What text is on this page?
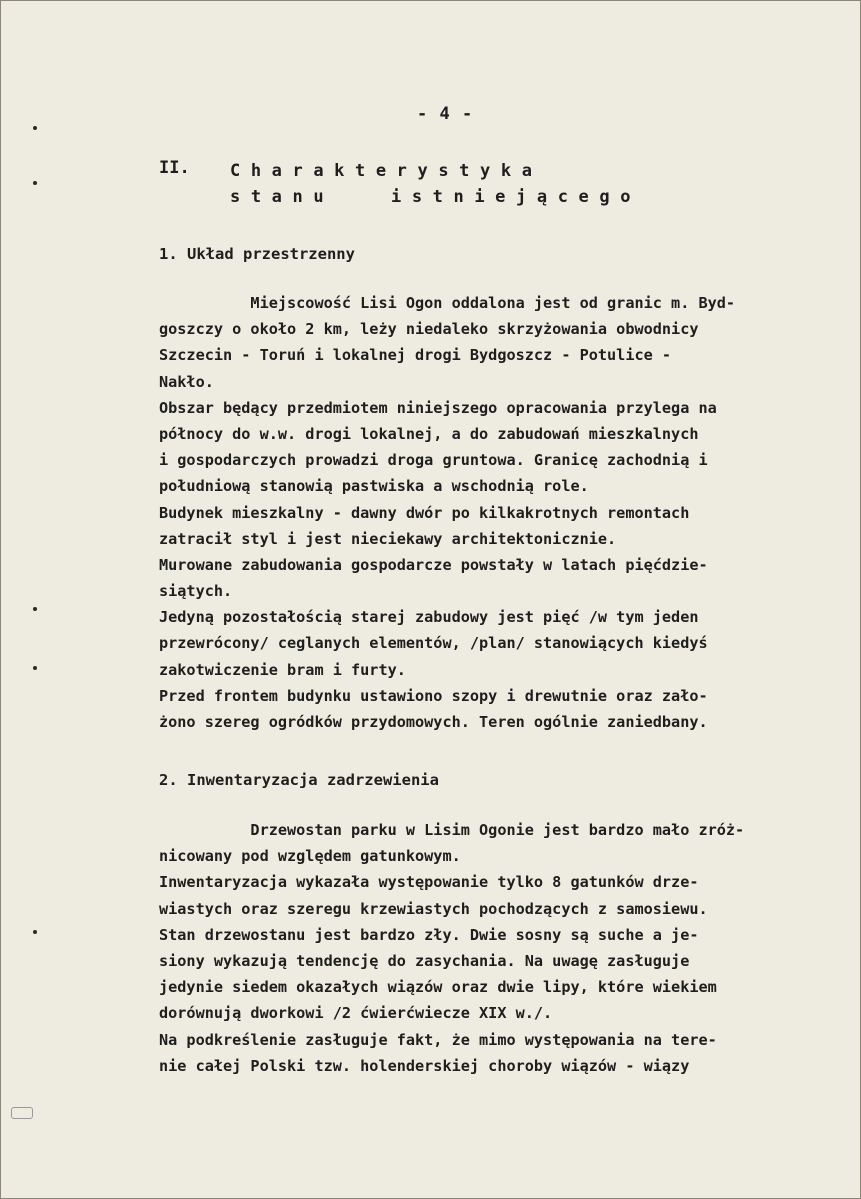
- 4 -
II. Charakterystyka stanu istniejącego
1. Układ przestrzenny
Miejscowość Lisi Ogon oddalona jest od granic m. Byd-
goszczy o około 2 km, leży niedaleko skrzyżowania obwodnicy
Szczecin - Toruń i lokalnej drogi Bydgoszcz - Potulice -
Nakło.
Obszar będący przedmiotem niniejszego opracowania przylega na
północy do w.w. drogi lokalnej, a do zabudowań mieszkalnych
i gospodarczych prowadzi droga gruntowa. Granicę zachodnią i
południową stanowią pastwiska a wschodnią role.
Budynek mieszkalny - dawny dwór po kilkakrotnych remontach
zatracił styl i jest nieciekawy architektonicznie.
Murowane zabudowania gospodarcze powstały w latach pięćdzie-
siątych.
Jedyną pozostałością starej zabudowy jest pięć /w tym jeden
przewrócony/ ceglanych elementów, /plan/ stanowiących kiedyś
zakotwiczenie bram i furty.
Przed frontem budynku ustawiono szopy i drewutnie oraz zało-
żono szereg ogródków przydomowych. Teren ogólnie zaniedbany.
2. Inwentaryzacja zadrzewienia
Drzewostan parku w Lisim Ogonie jest bardzo mało zróż-
nicowany pod względem gatunkowym.
Inwentaryzacja wykazała występowanie tylko 8 gatunków drze-
wiastych oraz szeregu krzewiastych pochodzących z samosiewu.
Stan drzewostanu jest bardzo zły. Dwie sosny są suche a je-
siony wykazują tendencję do zasychania. Na uwagę zasługuje
jedynie siedem okazałych wiązów oraz dwie lipy, które wiekiem
dorównują dworkowi /2 ćwierćwiecze XIX w./.
Na podkreślenie zasługuje fakt, że mimo występowania na tere-
nie całej Polski tzw. holenderskiej choroby wiązów - wiązy
